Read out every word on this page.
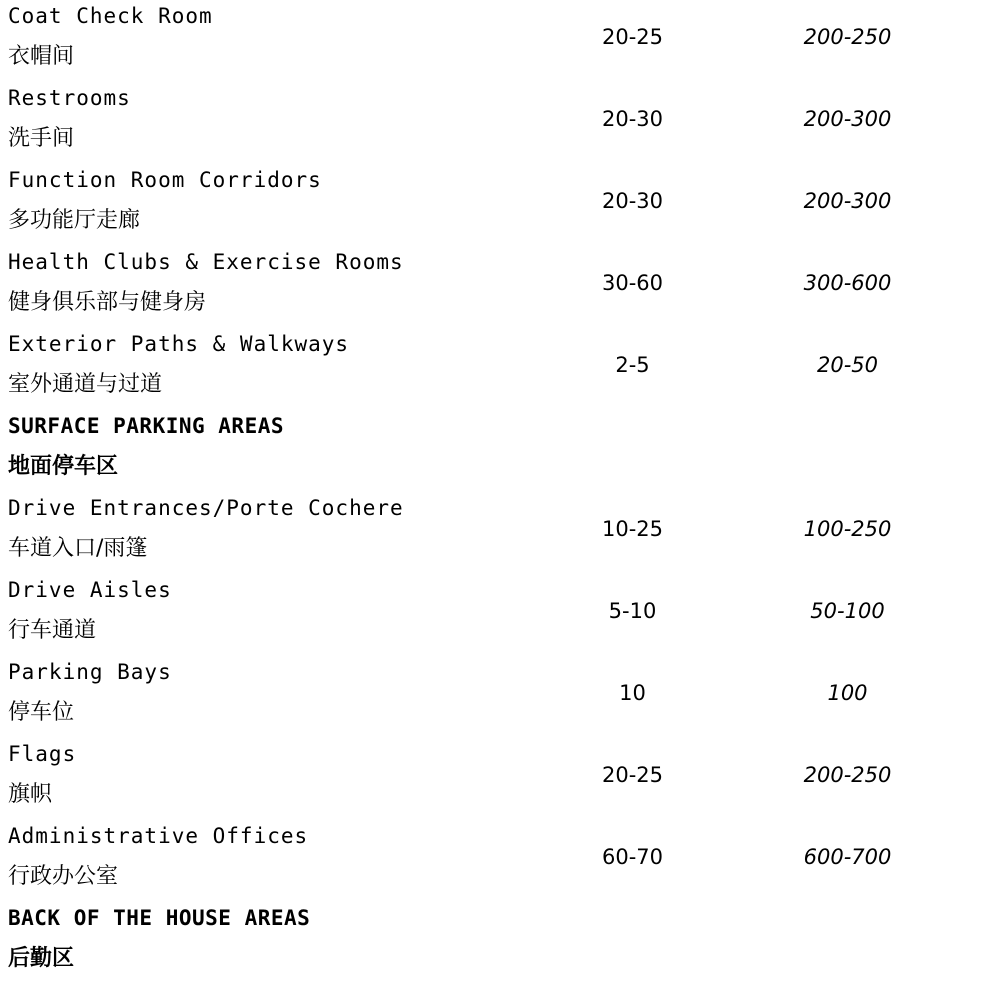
Coat Check Room
衣帽间
20-25	200-250
Restrooms
洗手间
20-30	200-300
Function Room Corridors
多功能厅走廊
20-30	200-300
Health Clubs & Exercise Rooms
健身俱乐部与健身房
30-60	300-600
Exterior Paths & Walkways
室外通道与过道
2-5	20-50
SURFACE PARKING AREAS
地面停车区
Drive Entrances/Porte Cochere
车道入口/雨篷
10-25	100-250
Drive Aisles
行车通道
5-10	50-100
Parking Bays
停车位
10	100
Flags
旗帜
20-25	200-250
Administrative Offices
行政办公室
60-70	600-700
BACK OF THE HOUSE AREAS
后勤区
